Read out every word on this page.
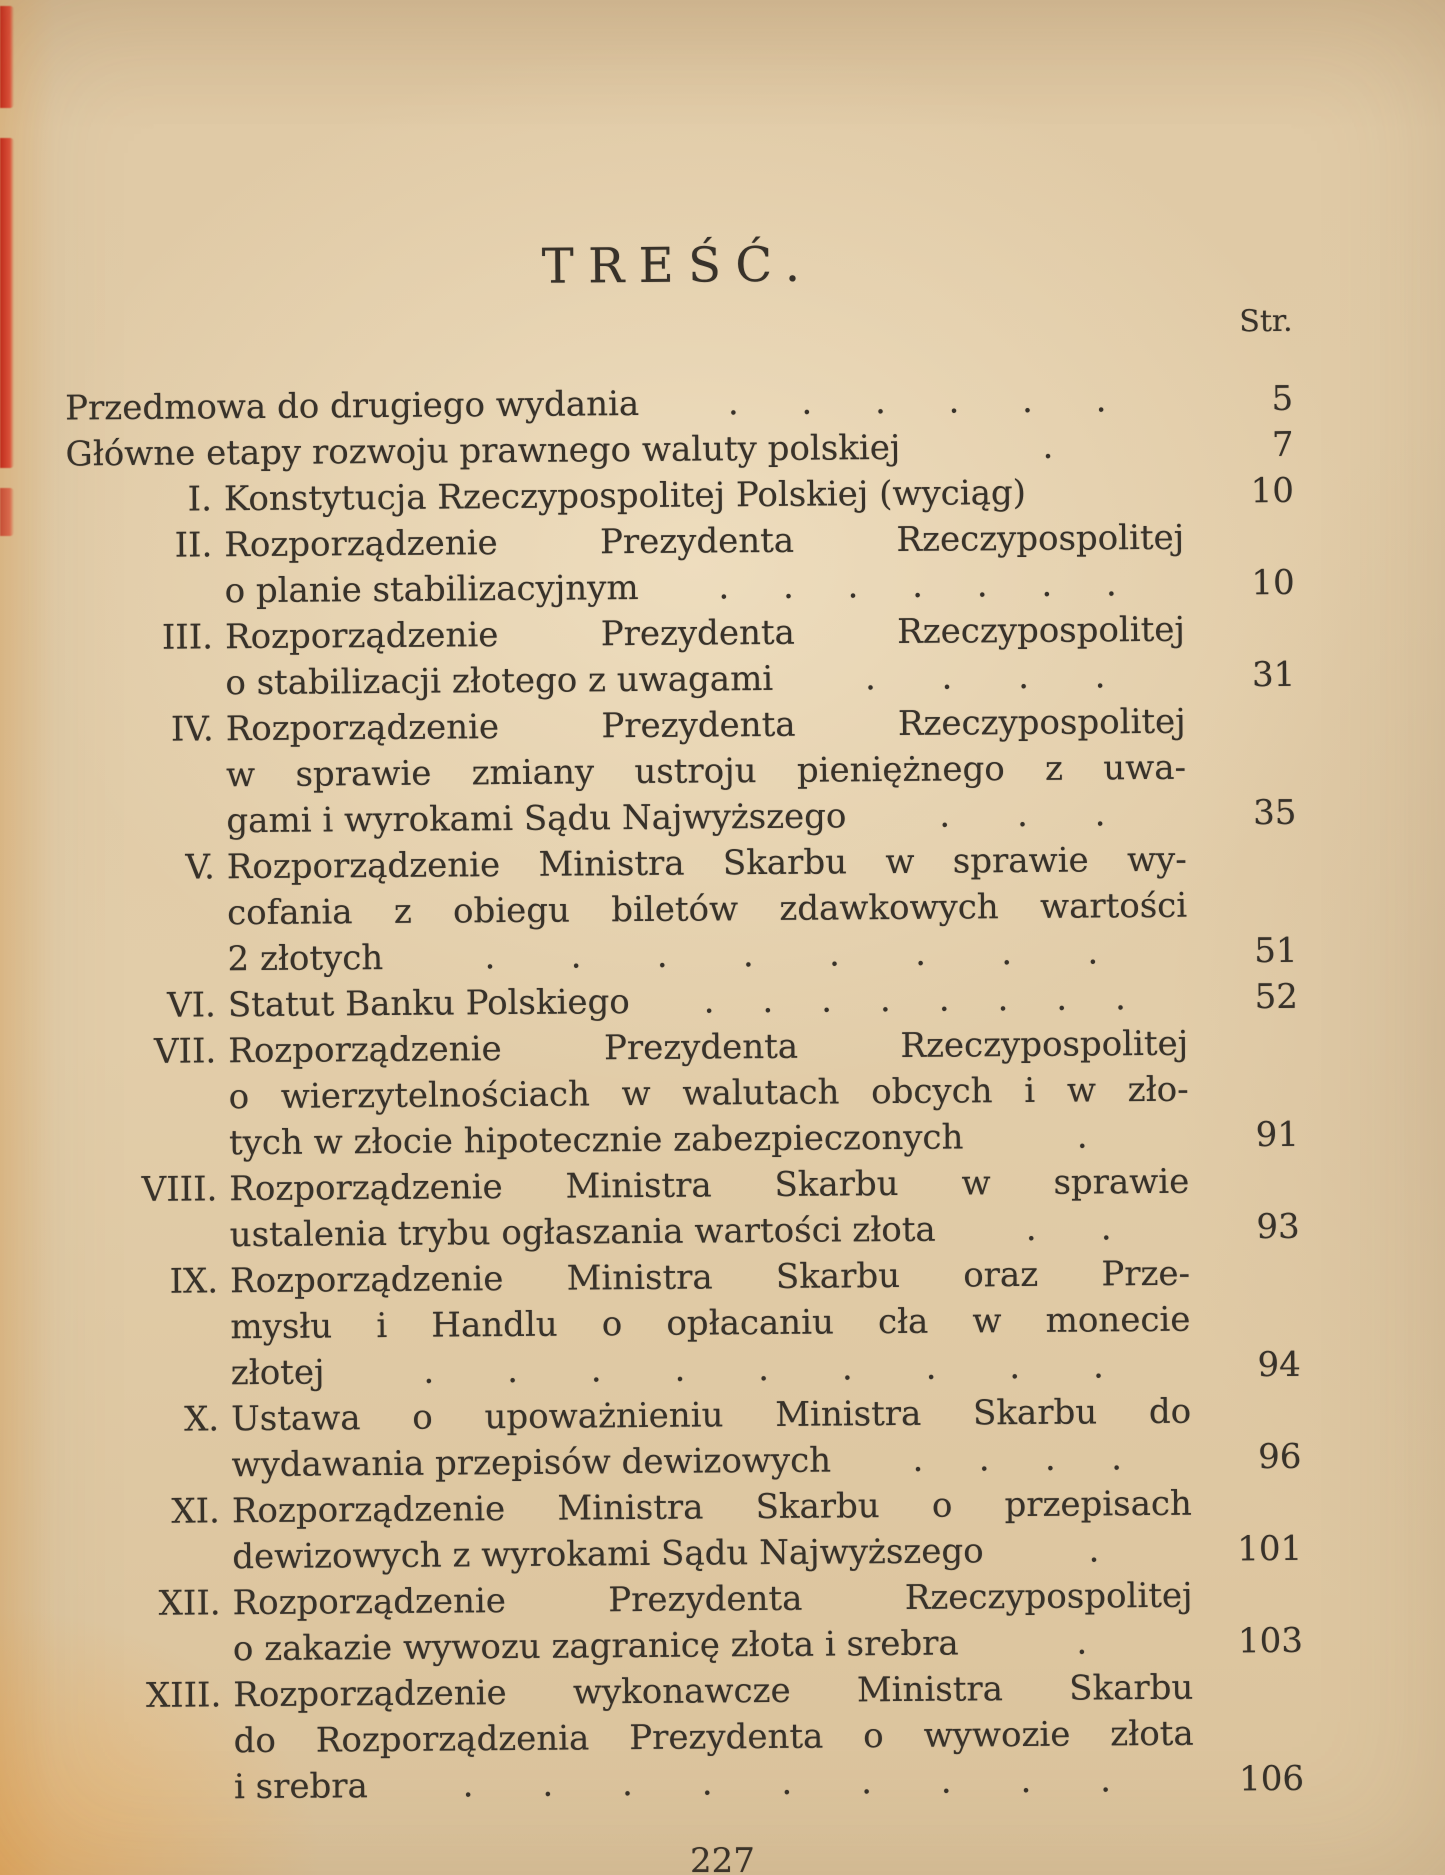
TREŚĆ.
Str.
Przedmowa do drugiego wydania	. . . . . .	5
Główne etapy rozwoju prawnego waluty polskiej	.	7
I. Konstytucja Rzeczypospolitej Polskiej (wyciąg)	10
II. Rozporządzenie Prezydenta Rzeczypospolitej
o planie stabilizacyjnym . . . . . . .	10
III. Rozporządzenie Prezydenta Rzeczypospolitej
o stabilizacji złotego z uwagami	. . . .	31
IV. Rozporządzenie Prezydenta Rzeczypospolitej
w sprawie zmiany ustroju pieniężnego z uwa-
gami i wyrokami Sądu Najwyższego	. . .	35
V. Rozporządzenie Ministra Skarbu w sprawie wy-
cofania z obiegu biletów zdawkowych wartości
2 złotych	. . . . . . . .	51
VI. Statut Banku Polskiego . . . . . . . .	52
VII. Rozporządzenie Prezydenta Rzeczypospolitej
o wierzytelnościach w walutach obcych i w zło-
tych w złocie hipotecznie zabezpieczonych	.	91
VIII. Rozporządzenie Ministra Skarbu w sprawie
ustalenia trybu ogłaszania wartości złota	. .	93
IX. Rozporządzenie Ministra Skarbu oraz Prze-
mysłu i Handlu o opłacaniu cła w monecie
złotej	. . . . . . . . .	94
X. Ustawa o upoważnieniu Ministra Skarbu do
wydawania przepisów dewizowych . . . .	96
XI. Rozporządzenie Ministra Skarbu o przepisach
dewizowych z wyrokami Sądu Najwyższego	.	101
XII. Rozporządzenie Prezydenta Rzeczypospolitej
o zakazie wywozu zagranicę złota i srebra	.	103
XIII. Rozporządzenie wykonawcze Ministra Skarbu
do Rozporządzenia Prezydenta o wywozie złota
i srebra	. . . . . . . . .	106
227
